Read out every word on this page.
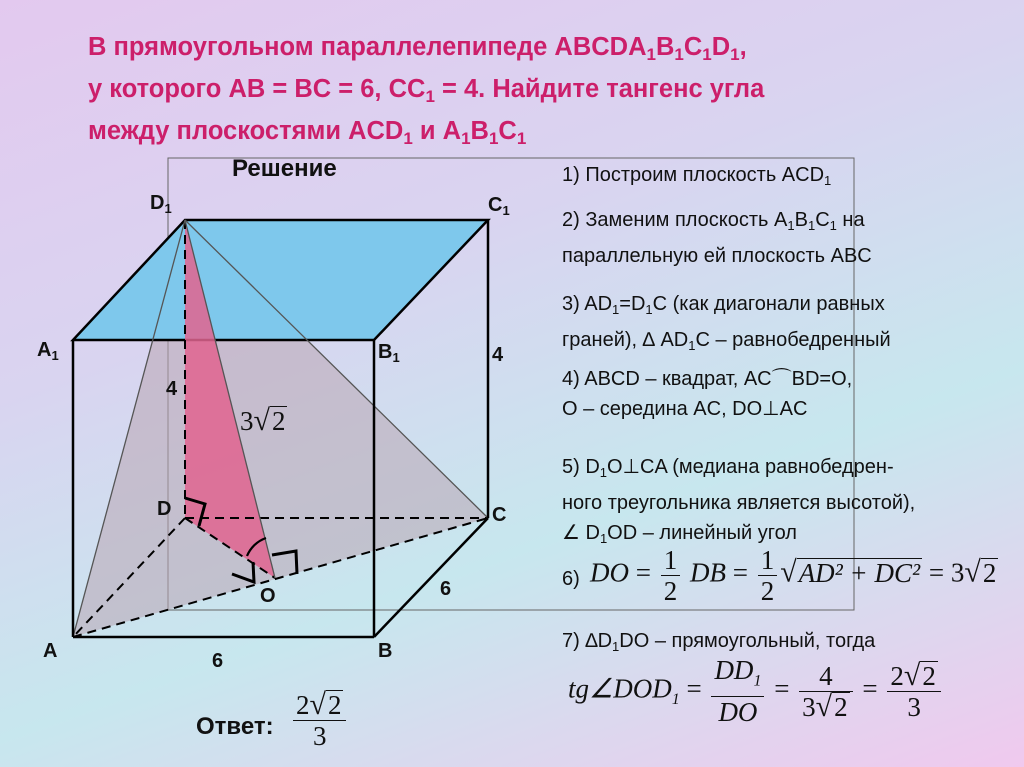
В прямоугольном параллелепипеде $ABCDA_1B_1C_1D_1$,
у которого AB = BC = 6, $CC_1 = 4$. Найдите тангенс угла
между плоскостями $ACD_1$ и $A_1B_1C_1$
$D_1$	$C_1$
$A_1$	$B_1$
D	C
A	B
O
4
4
6
6
3√2
Решение	1) Построим плоскость $ACD_1$
2) Заменим плоскость $A_1B_1C_1$ на
параллельную ей плоскость ABC
3) $AD_1=D_1C$ (как диагонали равных
граней), ∆ $AD_1C$ – равнобедренный
4) ABCD – квадрат, AC⌒BD=O,
O – середина AC, DO⊥AC
5) $D_1O\perp CA$ (медиана равнобедрен-
ного треугольника является высотой),
∠ $D_1OD$ – линейный угол
6) DO = $\frac{1}{2}$ DB = $\frac{1}{2} √AD^2 + DC^2 = 3√2$
7) $\Delta D_1DO$ – прямоугольный, тогда
$tg\angle DOD_1 = \frac{DD_1}{DO} = \frac{4}{3√2} = \frac{2√2}{3}$
Ответ: $\frac{2√2}{3}$
